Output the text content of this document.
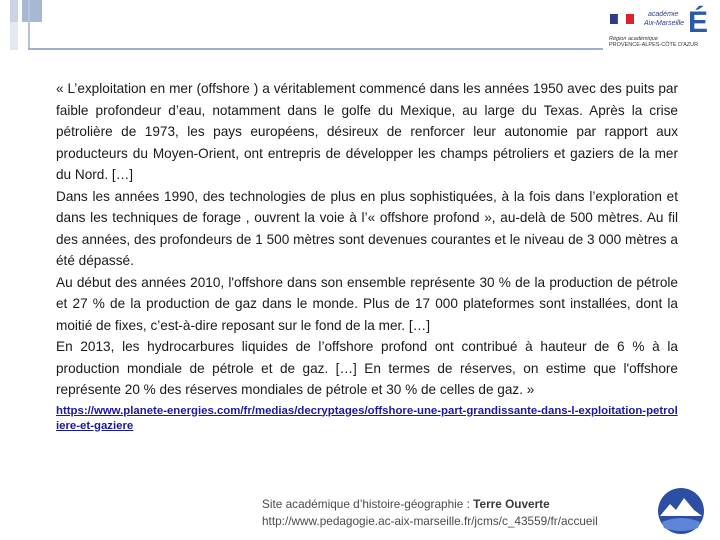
académie
Aix-Marseille É
Région académique
PROVENCE-ALPES-CÔTE D'AZUR

« L’exploitation en mer (offshore ) a véritablement commencé dans les années 1950 avec des puits par faible profondeur d’eau, notamment dans le golfe du Mexique, au large du Texas. Après la crise pétrolière de 1973, les pays européens, désireux de renforcer leur autonomie par rapport aux producteurs du Moyen-Orient, ont entrepris de développer les champs pétroliers et gaziers de la mer du Nord. […]

Dans les années 1990, des technologies de plus en plus sophistiquées, à la fois dans l’exploration et dans les techniques de forage , ouvrent la voie à l’« offshore profond », au-delà de 500 mètres. Au fil des années, des profondeurs de 1 500 mètres sont devenues courantes et le niveau de 3 000 mètres a été dépassé.

Au début des années 2010, l'offshore dans son ensemble représente 30 % de la production de pétrole et 27 % de la production de gaz dans le monde. Plus de 17 000 plateformes sont installées, dont la moitié de fixes, c’est-à-dire reposant sur le fond de la mer. […]

En 2013, les hydrocarbures liquides de l’offshore profond ont contribué à hauteur de 6 % à la production mondiale de pétrole et de gaz. […] En termes de réserves, on estime que l'offshore représente 20 % des réserves mondiales de pétrole et 30 % de celles de gaz. »

https://www.planete-energies.com/fr/medias/decryptages/offshore-une-part-grandissante-dans-l-exploitation-petroliere-et-gaziere
Site académique d’histoire-géographie : Terre Ouverte
http://www.pedagogie.ac-aix-marseille.fr/jcms/c_43559/fr/accueil
